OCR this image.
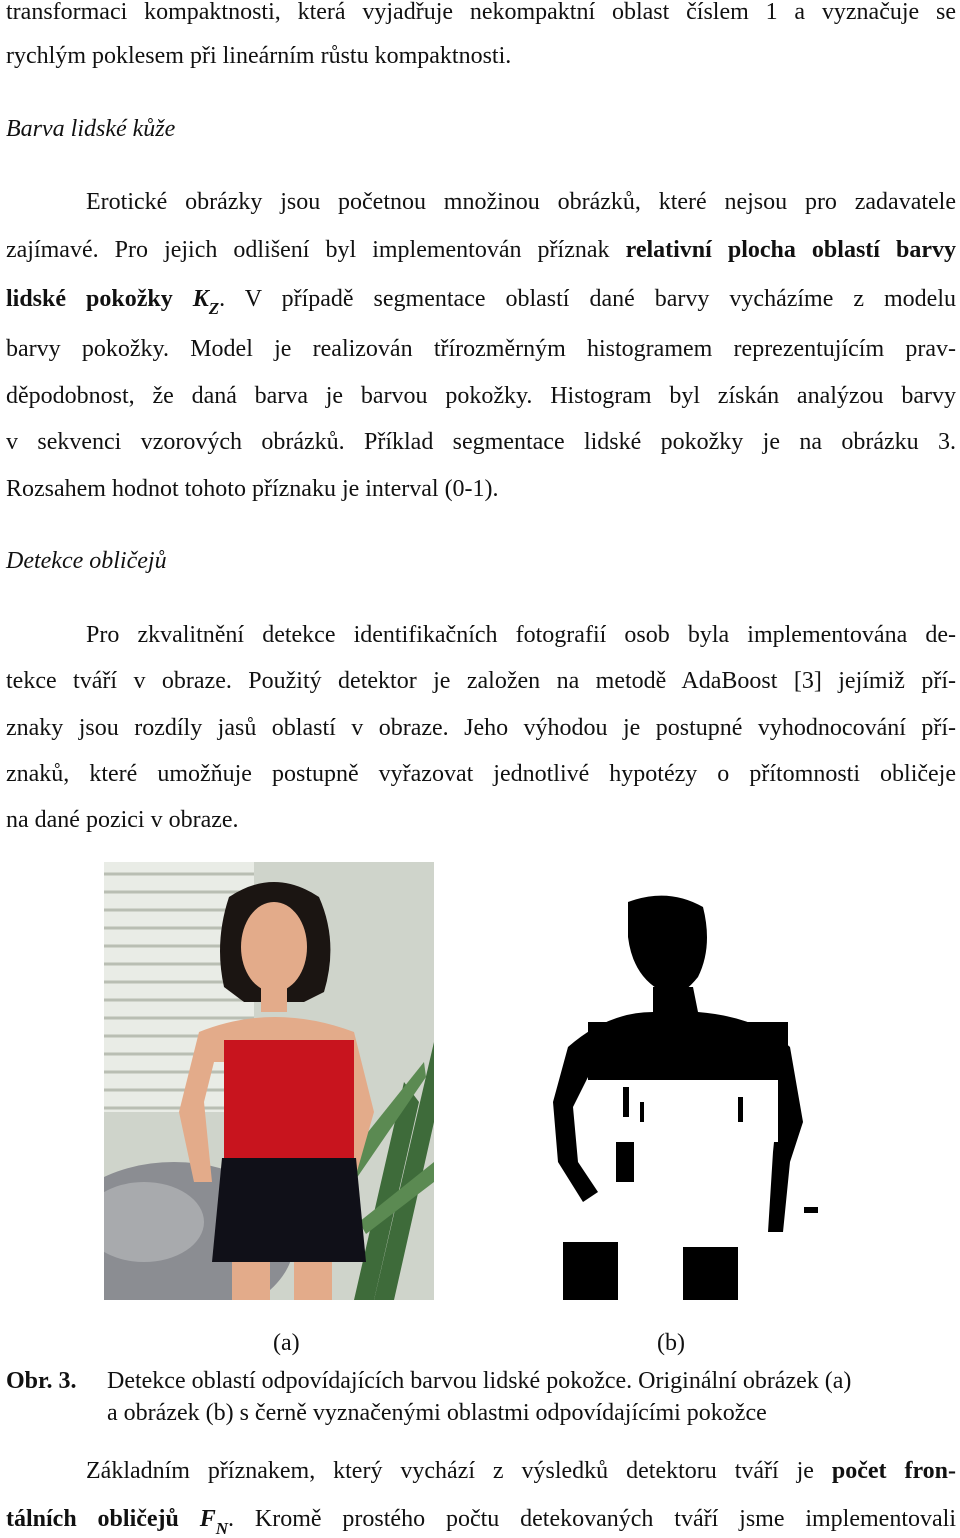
transformaci kompaktnosti, která vyjadřuje nekompaktní oblast číslem 1 a vyznačuje se
rychlým poklesem při lineárním růstu kompaktnosti.
Barva lidské kůže
Erotické obrázky jsou početnou množinou obrázků, které nejsou pro zadavatele
zajímavé. Pro jejich odlišení byl implementován příznak relativní plocha oblastí barvy
lidské pokožky $K_Z$. V případě segmentace oblastí dané barvy vycházíme z modelu
barvy pokožky. Model je realizován třírozměrným histogramem reprezentujícím prav-
děpodobnost, že daná barva je barvou pokožky. Histogram byl získán analýzou barvy
v sekvenci vzorových obrázků. Příklad segmentace lidské pokožky je na obrázku 3.
Rozsahem hodnot tohoto příznaku je interval (0-1).
Detekce obličejů
Pro zkvalitnění detekce identifikačních fotografií osob byla implementována de-
tekce tváří v obraze. Použitý detektor je založen na metodě AdaBoost [3] jejímiž pří-
znaky jsou rozdíly jasů oblastí v obraze. Jeho výhodou je postupné vyhodnocování pří-
znaků, které umožňuje postupně vyřazovat jednotlivé hypotézy o přítomnosti obličeje
na dané pozici v obraze.
(a)	(b)
Obr. 3. Detekce oblastí odpovídajících barvou lidské pokožce. Originální obrázek (a)
a obrázek (b) s černě vyznačenými oblastmi odpovídajícími pokožce
Základním příznakem, který vychází z výsledků detektoru tváří je počet fron-
tálních obličejů $F_N$. Kromě prostého počtu detekovaných tváří jsme implementovali
